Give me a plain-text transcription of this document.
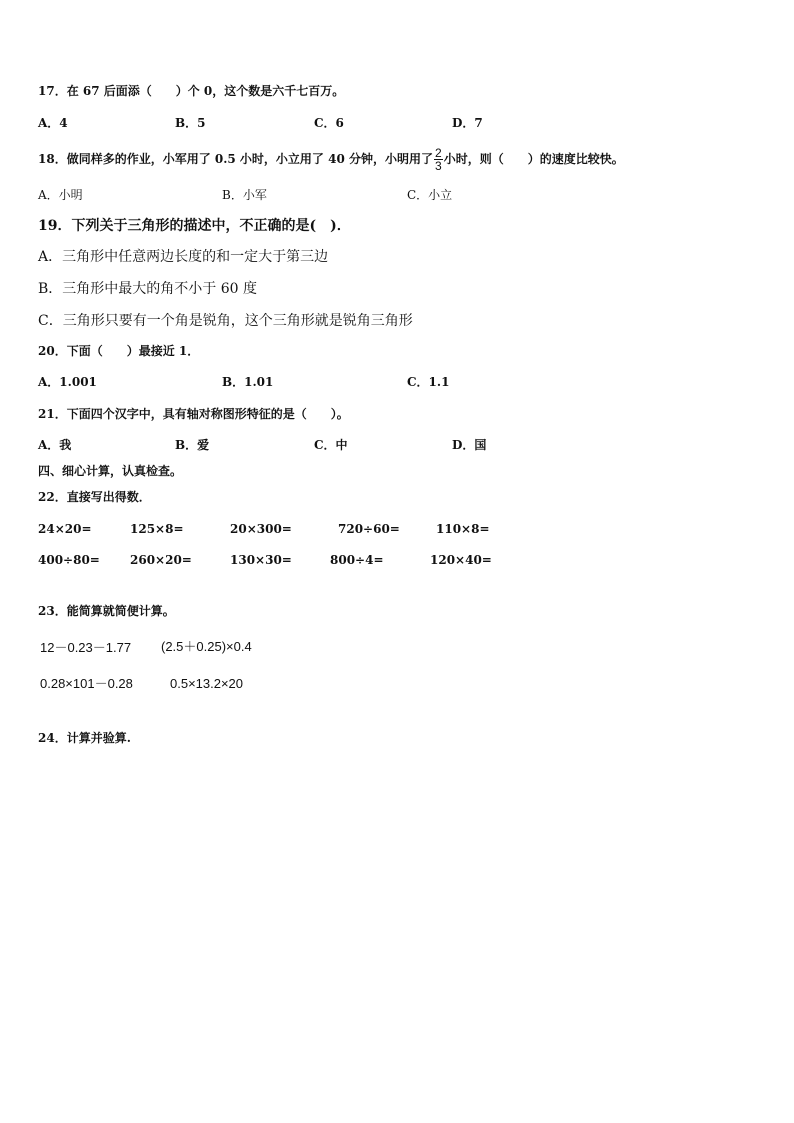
17．在 67 后面添（　　）个 0，这个数是六千七百万。
A．4	B．5	C．6	D．7
18．做同样多的作业，小军用了 0.5 小时，小立用了 40 分钟，小明用了 $\frac{2}{3}$ 小时，则（　　）的速度比较快。
A．小明	B．小军	C．小立
19．下列关于三角形的描述中，不正确的是(　)．
A．三角形中任意两边长度的和一定大于第三边
B．三角形中最大的角不小于 60 度
C．三角形只要有一个角是锐角，这个三角形就是锐角三角形
20．下面（　　）最接近 1．
A．1.001	B．1.01	C．1.1
21．下面四个汉字中，具有轴对称图形特征的是（　　）。
A．我	B．爱	C．中	D．国
四、细心计算，认真检查。
22．直接写出得数．
24×20=	125×8=	20×300=	720÷60=	110×8=
400÷80=	260×20=	130×30=	800÷4=	120×40=
23．能简算就简便计算。
12－0.23－1.77 (2.5＋0.25)×0.4
0.28×101－0.28	0.5×13.2×20
24．计算并验算.
